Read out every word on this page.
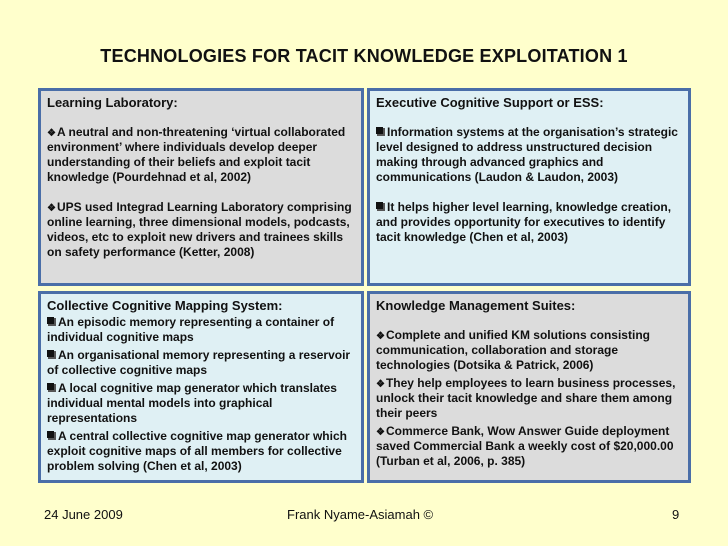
TECHNOLOGIES FOR TACIT KNOWLEDGE EXPLOITATION 1
Learning Laboratory:
❖A neutral and non-threatening ‘virtual collaborated environment’ where individuals develop deeper understanding of their beliefs and exploit tacit knowledge (Pourdehnad et al, 2002)
❖UPS used Integrad Learning Laboratory comprising online learning, three dimensional models, podcasts, videos, etc to exploit new drivers and trainees skills on safety performance (Ketter, 2008)
Executive Cognitive Support or ESS:
Information systems at the organisation’s strategic level designed to address unstructured decision making through advanced graphics and communications (Laudon & Laudon, 2003)
It helps higher level learning, knowledge creation, and provides opportunity for executives to identify tacit knowledge (Chen et al, 2003)
Collective Cognitive Mapping System:
An episodic memory representing a container of individual cognitive maps
An organisational memory representing a reservoir of collective cognitive maps
A local cognitive map generator which translates individual mental models into graphical representations
A central collective cognitive map generator which exploit cognitive maps of all members for collective problem solving (Chen et al, 2003)
Knowledge Management Suites:
❖Complete and unified KM solutions consisting communication, collaboration and storage technologies (Dotsika & Patrick, 2006)
❖They help employees to learn business processes, unlock their tacit knowledge and share them among their peers
❖Commerce Bank, Wow Answer Guide deployment saved Commercial Bank a weekly cost of $20,000.00 (Turban et al, 2006, p. 385)
24 June 2009	Frank Nyame-Asiamah ©	9
